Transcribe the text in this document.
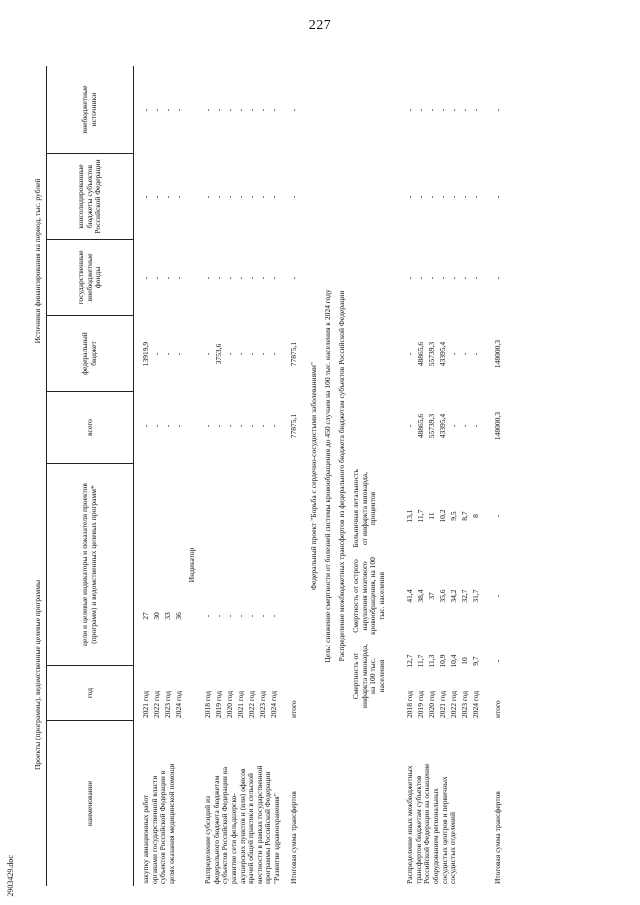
227
Проекты (программы), ведомственные целевые программы
Источники финансирования на период, тыс. рублей
наименование
год
цели и целевые индикаторы и показатели проектов (программ) и ведомственных целевых программ*
всего
федеральный бюджет
государственные внебюджетные фонды
консолидированные бюджеты субъектов Российской Федерации
внебюджетные источники
закупку авиационных работ органами государственной власти субъектов Российской Федерации в целях оказания медицинской помощи
2021 год
27
-
13919,9
-
-
-
2022 год
30
-
-
-
-
-
2023 год
33
-
-
-
-
-
2024 год
36
-
-
-
-
-
Индикатор
Распределение субсидий из федерального бюджета бюджетам субъектов Российской Федерации на развитие сети фельдшерско- акушерских пунктов и (или) офисов врачей общей практики в сельской местности в рамках государственной программы Российской Федерации "Развитие здравоохранения"
2018 год
-
-
-
-
-
-
2019 год
-
-
3753,6
-
-
-
2020 год
-
-
-
-
-
-
2021 год
-
-
-
-
-
-
2022 год
-
-
-
-
-
-
2023 год
-
-
-
-
-
-
2024 год
-
-
-
-
-
-
Итоговая сумма трансфертов
итого
77875,1
77875,1
-
-
-
Федеральный проект "Борьба с сердечно-сосудистыми заболеваниями" Цель: снижение смертности от болезней системы кровообращения до 450 случаев на 100 тыс. населения к 2024 году Распределение межбюджетных трансфертов из федерального бюджета бюджетам субъектов Российской Федерации
Смертность от инфаркта миокарда, на 100 тыс. населения
Смертность от острого нарушения мозгового кровообращения, на 100 тыс. населения
Больничная летальность от инфаркта миокарда, процентов
Распределение иных межбюджетных трансфертов бюджетам субъектов Российской Федерации на оснащение оборудованием региональных сосудистых центров и первичных сосудистых отделений
2018 год
12,7
41,4
13,1
-
-
-
-
-
2019 год
11,7
38,4
11,7
48865,6
48865,6
-
-
-
2020 год
11,3
37
11
55739,3
55739,3
-
-
-
2021 год
10,9
35,6
10,2
43395,4
43395,4
-
-
-
2022 год
10,4
34,2
9,5
-
-
-
-
-
2023 год
10
32,7
8,7
-
-
-
-
-
2024 год
9,7
31,7
8
-
-
-
-
-
Итоговая сумма трансфертов
итого
-
-
-
148000,3
148000,3
-
-
-
2903429.doc
